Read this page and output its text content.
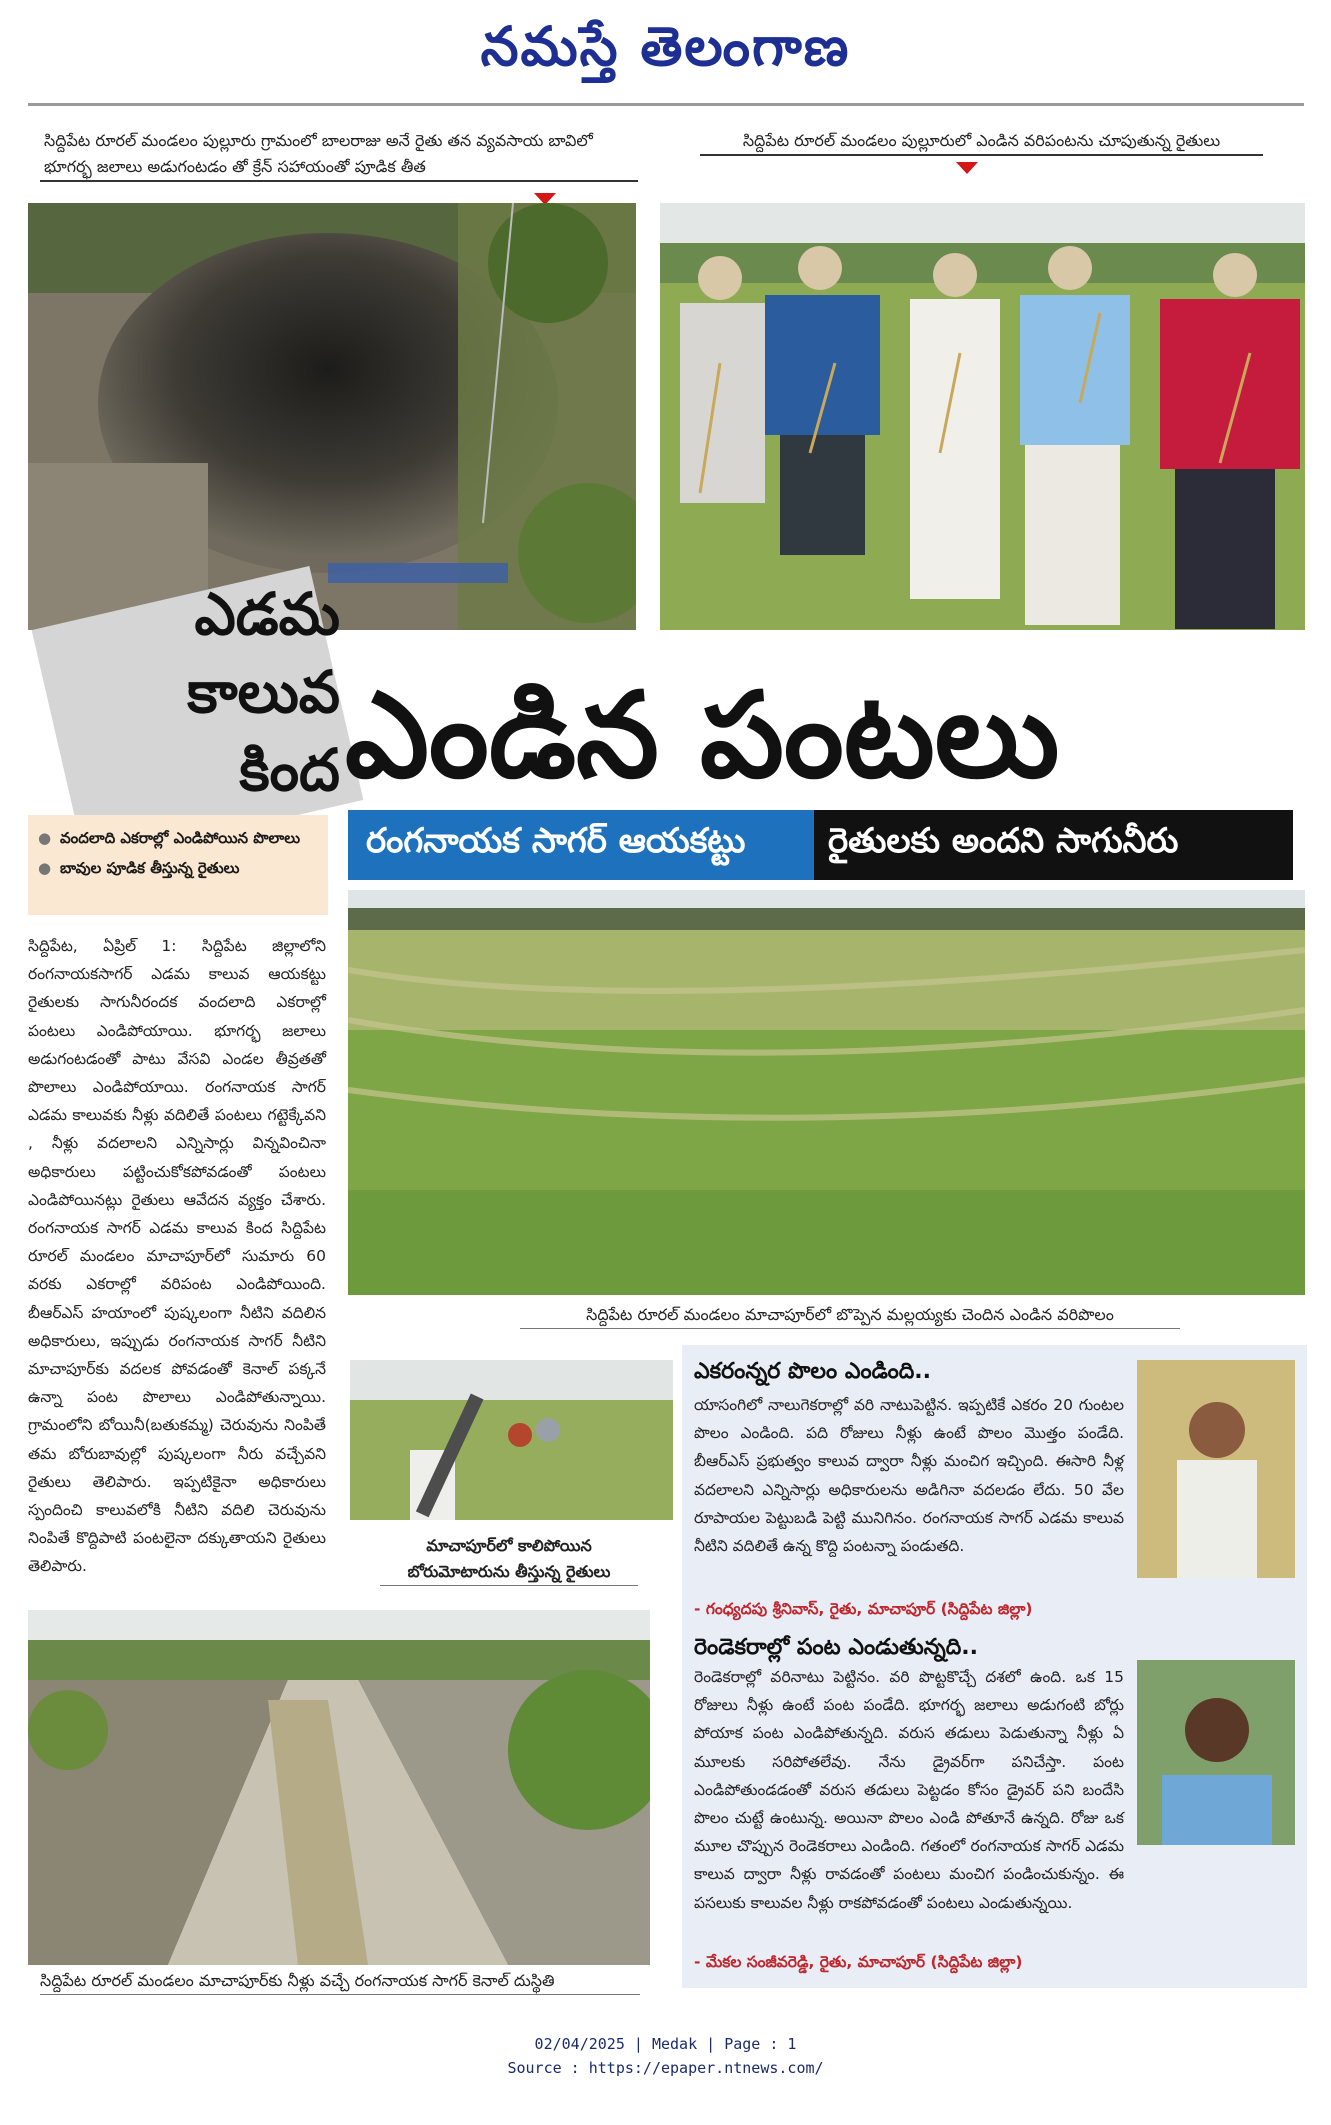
నమస్తే తెలంగాణ
సిద్దిపేట రూరల్ మండలం పుల్లూరు గ్రామంలో బాలరాజు అనే రైతు తన వ్యవసాయ బావిలో భూగర్భ జలాలు అడుగంటడం తో క్రేన్ సహాయంతో పూడిక తీత
సిద్దిపేట రూరల్ మండలం పుల్లూరులో ఎండిన వరిపంటను చూపుతున్న రైతులు
ఎడమ
కాలువ
కింద ఎండిన పంటలు
రంగనాయక సాగర్ ఆయకట్టు	రైతులకు అందని సాగునీరు
● వందలాది ఎకరాల్లో ఎండిపోయిన పొలాలు
● బావుల పూడిక తీస్తున్న రైతులు
సిద్దిపేట, ఏప్రిల్ 1: సిద్దిపేట జిల్లాలోని రంగనాయకసాగర్ ఎడమ కాలువ ఆయకట్టు రైతులకు సాగునీరందక వందలాది ఎకరాల్లో పంటలు ఎండిపోయాయి. భూగర్భ జలాలు అడుగంటడంతో పాటు వేసవి ఎండల తీవ్రతతో పొలాలు ఎండిపోయాయి. రంగనాయక సాగర్ ఎడమ కాలువకు నీళ్లు వదిలితే పంటలు గట్టెక్కేవని , నీళ్లు వదలాలని ఎన్నిసార్లు విన్నవించినా అధికారులు పట్టించుకోకపోవడంతో పంటలు ఎండిపోయినట్లు రైతులు ఆవేదన వ్యక్తం చేశారు. రంగనాయక సాగర్ ఎడమ కాలువ కింద సిద్దిపేట రూరల్ మండలం మాచాపూర్‌లో సుమారు 60 వరకు ఎకరాల్లో వరిపంట ఎండిపోయింది. బీఆర్‌ఎస్ హయాంలో పుష్కలంగా నీటిని వదిలిన అధికారులు, ఇప్పుడు రంగనాయక సాగర్ నీటిని మాచాపూర్‌కు వదలక పోవడంతో కెనాల్ పక్కనే ఉన్నా పంట పొలాలు ఎండిపోతున్నాయి. గ్రామంలోని బోయినీ(బతుకమ్మ) చెరువును నింపితే తమ బోరుబావుల్లో పుష్కలంగా నీరు వచ్చేవని రైతులు తెలిపారు. ఇప్పటికైనా అధికారులు స్పందించి కాలువలోకి నీటిని వదిలి చెరువును నింపితే కొద్దిపాటి పంటలైనా దక్కుతాయని రైతులు తెలిపారు.
సిద్దిపేట రూరల్ మండలం మాచాపూర్‌లో బొప్పెన మల్లయ్యకు చెందిన ఎండిన వరిపొలం
మాచాపూర్‌లో కాలిపోయిన బోరుమోటారును తీస్తున్న రైతులు
సిద్దిపేట రూరల్ మండలం మాచాపూర్‌కు నీళ్లు వచ్చే రంగనాయక సాగర్ కెనాల్ దుస్థితి
ఎకరంన్నర పొలం ఎండింది..
యాసంగిలో నాలుగెకరాల్లో వరి నాటుపెట్టిన. ఇప్పటికే ఎకరం 20 గుంటల పొలం ఎండింది. పది రోజులు నీళ్లు ఉంటే పొలం మొత్తం పండేది. బీఆర్‌ఎస్ ప్రభుత్వం కాలువ ద్వారా నీళ్లు మంచిగ ఇచ్చింది. ఈసారి నీళ్ల వదలాలని ఎన్నిసార్లు అధికారులను అడిగినా వదలడం లేదు. 50 వేల రూపాయల పెట్టుబడి పెట్టి మునిగినం. రంగనాయక సాగర్ ఎడమ కాలువ నీటిని వదిలితే ఉన్న కొద్ది పంటన్నా పండుతది.
- గంధ్యదపు శ్రీనివాస్, రైతు, మాచాపూర్ (సిద్దిపేట జిల్లా)
రెండెకరాల్లో పంట ఎండుతున్నది..
రెండెకరాల్లో వరినాటు పెట్టినం. వరి పొట్టకొచ్చే దశలో ఉంది. ఒక 15 రోజులు నీళ్లు ఉంటే పంట పండేది. భూగర్భ జలాలు అడుగంటి బోర్లు పోయాక పంట ఎండిపోతున్నది. వరుస తడులు పెడుతున్నా నీళ్లు ఏ మూలకు సరిపోతలేవు. నేను డ్రైవర్‌గా పనిచేస్తా. పంట ఎండిపోతుండడంతో వరుస తడులు పెట్టడం కోసం డ్రైవర్ పని బందేసి పొలం చుట్టే ఉంటున్న. అయినా పొలం ఎండి పోతూనే ఉన్నది. రోజు ఒక మూల చొప్పున రెండెకరాలు ఎండింది. గతంలో రంగనాయక సాగర్ ఎడమ కాలువ ద్వారా నీళ్లు రావడంతో పంటలు మంచిగ పండించుకున్నం. ఈ పసలుకు కాలువల నీళ్లు రాకపోవడంతో పంటలు ఎండుతున్నయి.
- మేకల సంజీవరెడ్డి, రైతు, మాచాపూర్ (సిద్దిపేట జిల్లా)
02/04/2025 | Medak | Page : 1
Source : https://epaper.ntnews.com/
